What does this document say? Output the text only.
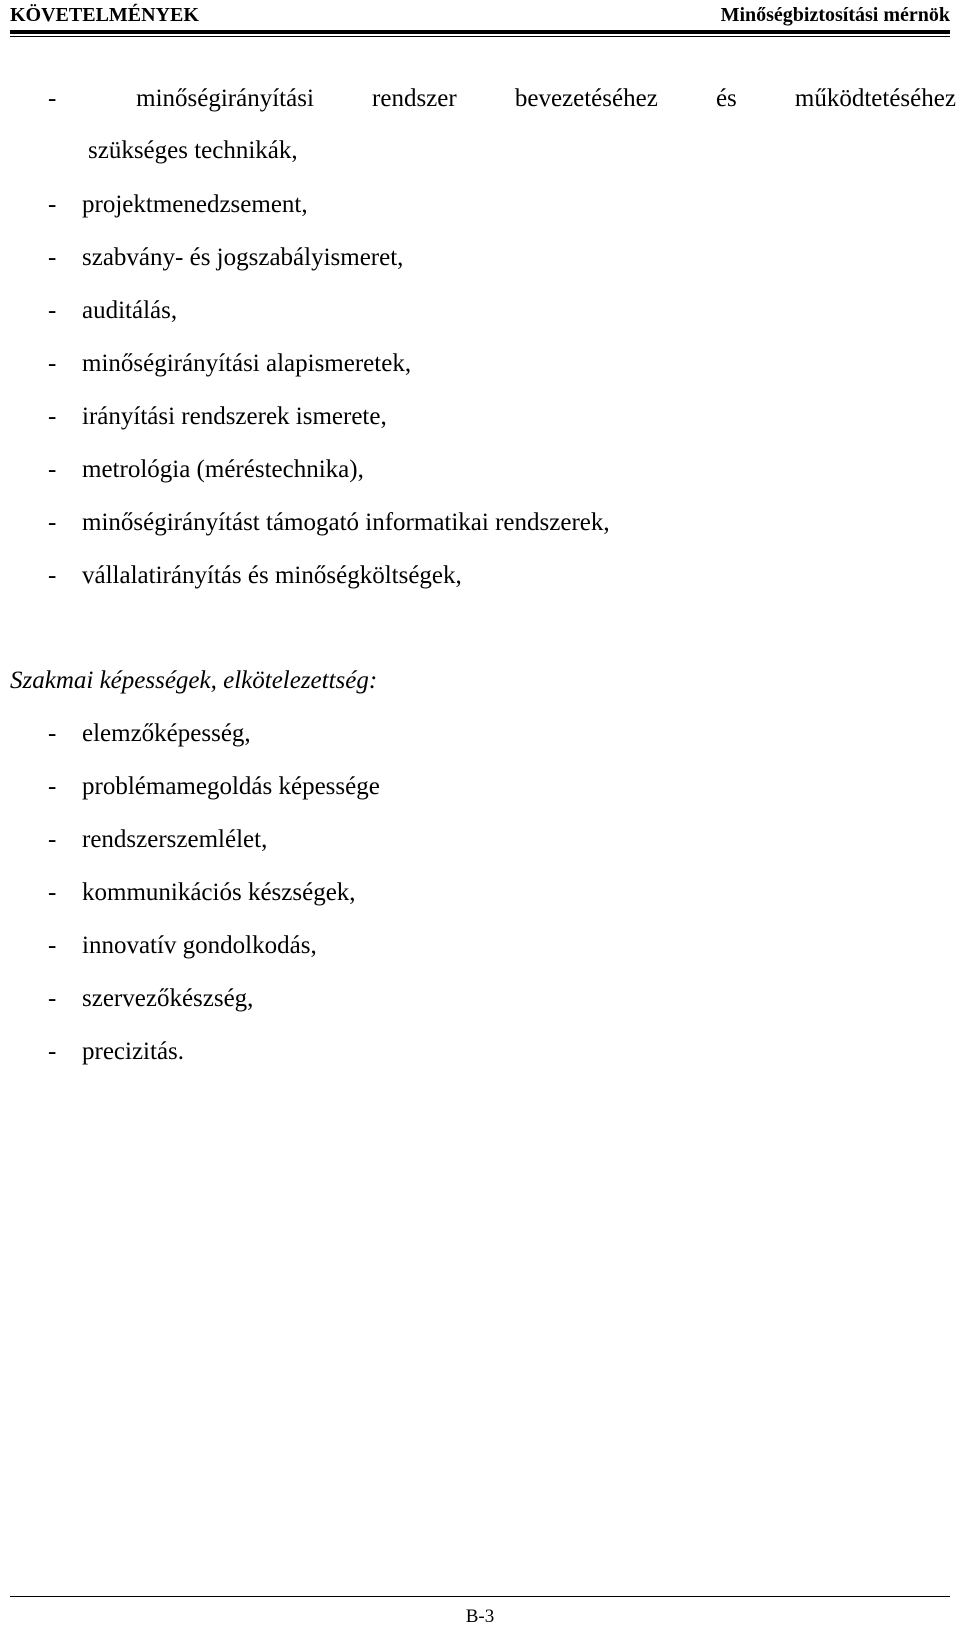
KÖVETELMÉNYEK	Minőségbiztosítási mérnök
-	minőségirányítási rendszer bevezetéséhez és működtetéséhez
szükséges technikák,
- projektmenedzsement,
- szabvány- és jogszabályismeret,
- auditálás,
- minőségirányítási alapismeretek,
- irányítási rendszerek ismerete,
- metrológia (méréstechnika),
- minőségirányítást támogató informatikai rendszerek,
- vállalatirányítás és minőségköltségek,
Szakmai képességek, elkötelezettség:
- elemzőképesség,
- problémamegoldás képessége
- rendszerszemlélet,
- kommunikációs készségek,
- innovatív gondolkodás,
- szervezőkészség,
- precizitás.
B-3
